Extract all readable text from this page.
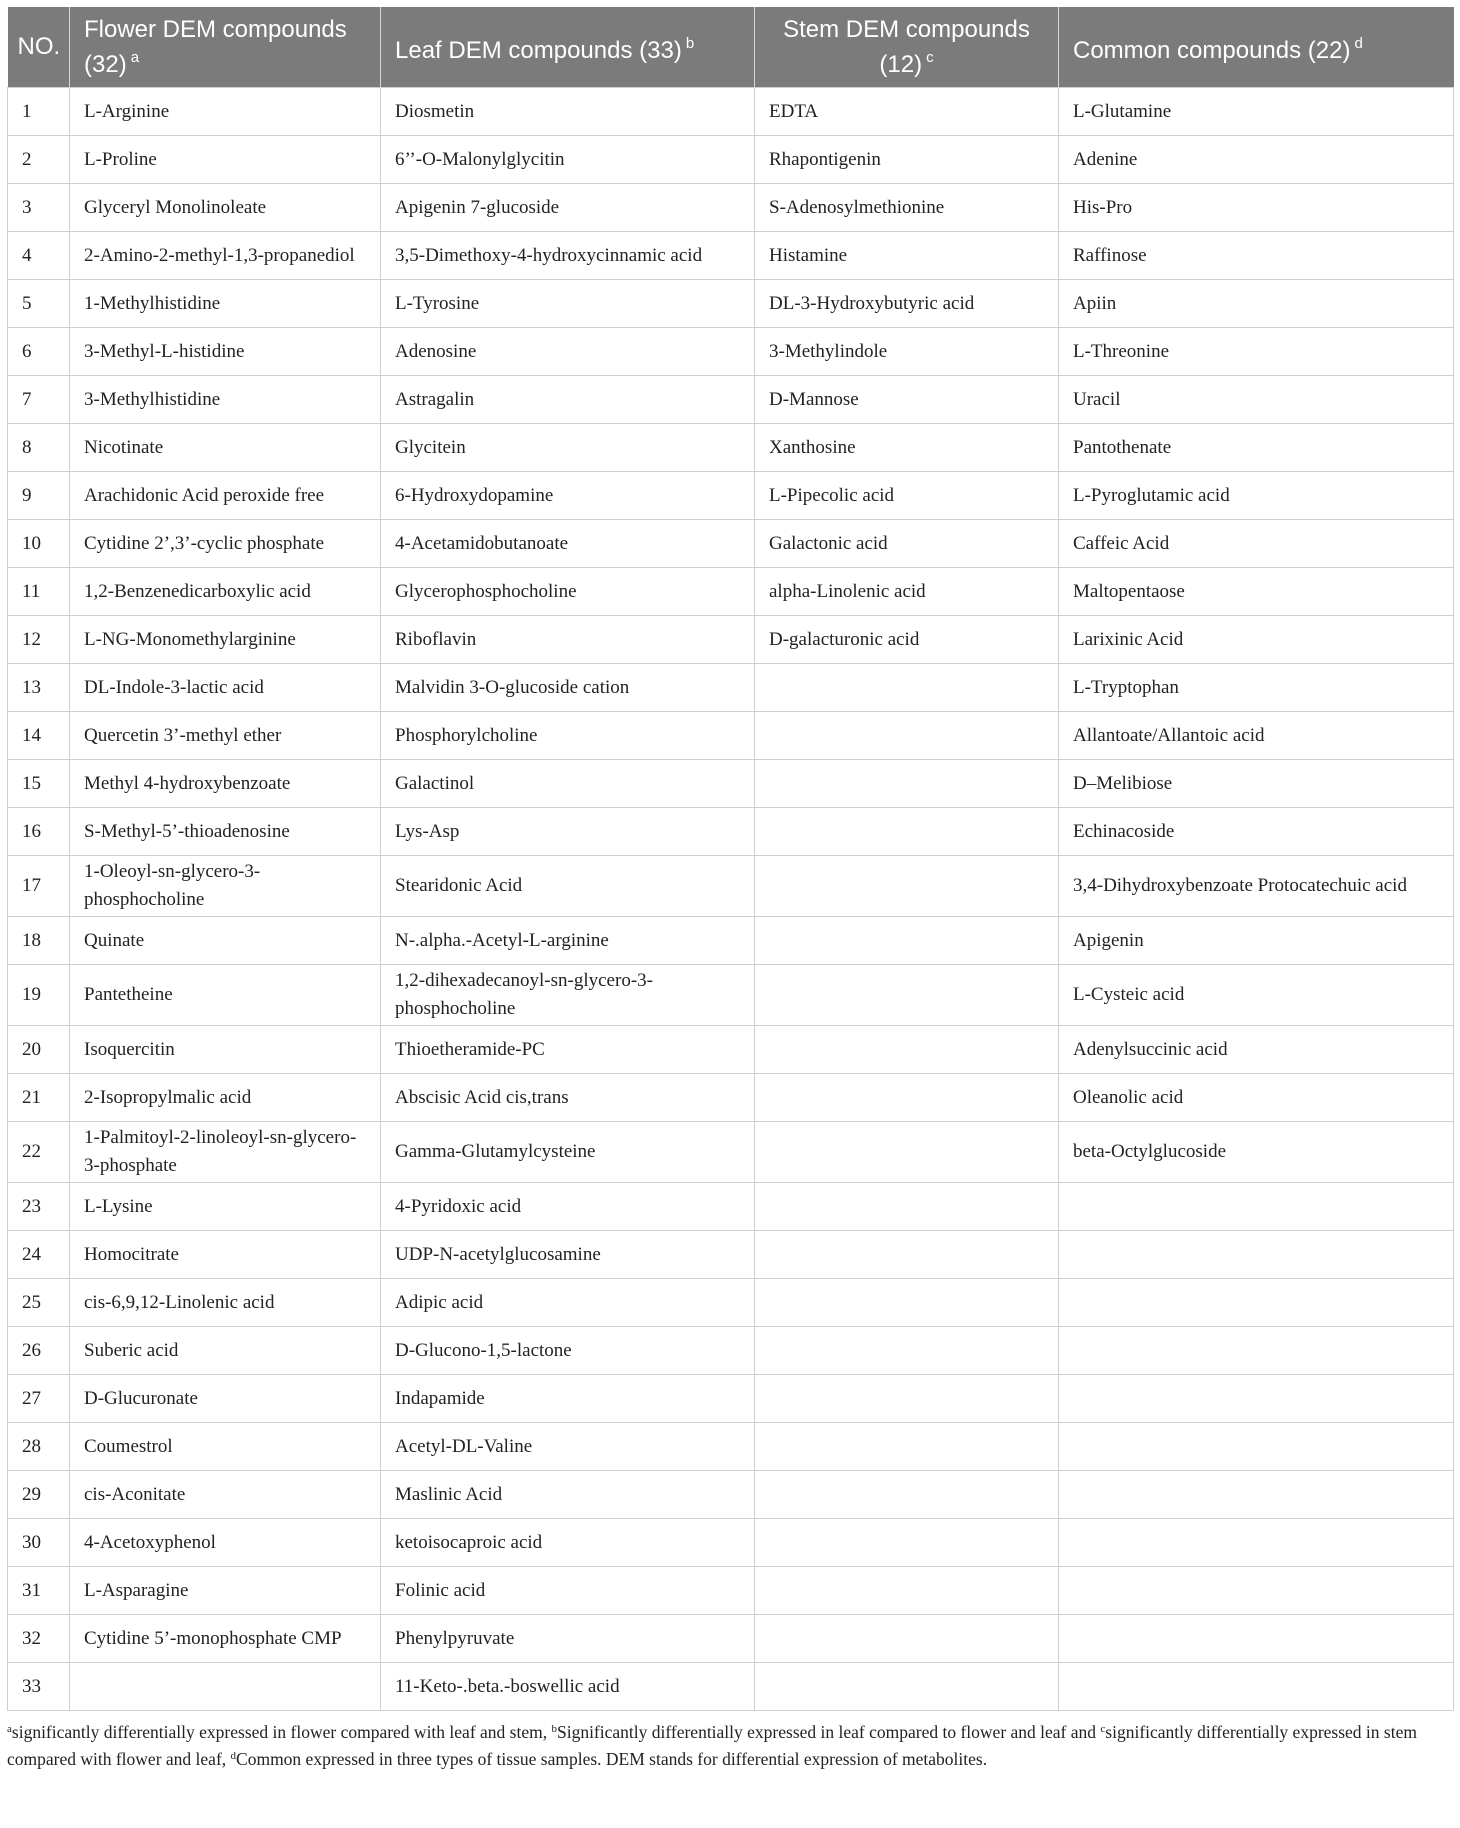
NO.	Flower DEM compounds (32) $^a$	Leaf DEM compounds (33) $^b$	Stem DEM compounds (12) $^c$	Common compounds (22) $^d$
1	L-Arginine	Diosmetin	EDTA	L-Glutamine
2	L-Proline	6’’-O-Malonylglycitin	Rhapontigenin	Adenine
3	Glyceryl Monolinoleate	Apigenin 7-glucoside	S-Adenosylmethionine	His-Pro
4	2-Amino-2-methyl-1,3-propanediol	3,5-Dimethoxy-4-hydroxycinnamic acid	Histamine	Raffinose
5	1-Methylhistidine	L-Tyrosine	DL-3-Hydroxybutyric acid	Apiin
6	3-Methyl-L-histidine	Adenosine	3-Methylindole	L-Threonine
7	3-Methylhistidine	Astragalin	D-Mannose	Uracil
8	Nicotinate	Glycitein	Xanthosine	Pantothenate
9	Arachidonic Acid peroxide free	6-Hydroxydopamine	L-Pipecolic acid	L-Pyroglutamic acid
10	Cytidine 2’,3’-cyclic phosphate	4-Acetamidobutanoate	Galactonic acid	Caffeic Acid
11	1,2-Benzenedicarboxylic acid	Glycerophosphocholine	alpha-Linolenic acid	Maltopentaose
12	L-NG-Monomethylarginine	Riboflavin	D-galacturonic acid	Larixinic Acid
13	DL-Indole-3-lactic acid	Malvidin 3-O-glucoside cation		L-Tryptophan
14	Quercetin 3’-methyl ether	Phosphorylcholine		Allantoate/Allantoic acid
15	Methyl 4-hydroxybenzoate	Galactinol		D–Melibiose
16	S-Methyl-5’-thioadenosine	Lys-Asp		Echinacoside
17	1-Oleoyl-sn-glycero-3-phosphocholine	Stearidonic Acid		3,4-Dihydroxybenzoate Protocatechuic acid
18	Quinate	N-.alpha.-Acetyl-L-arginine		Apigenin
19	Pantetheine	1,2-dihexadecanoyl-sn-glycero-3-phosphocholine		L-Cysteic acid
20	Isoquercitin	Thioetheramide-PC		Adenylsuccinic acid
21	2-Isopropylmalic acid	Abscisic Acid cis,trans		Oleanolic acid
22	1-Palmitoyl-2-linoleoyl-sn-glycero-3-phosphate	Gamma-Glutamylcysteine		beta-Octylglucoside
23	L-Lysine	4-Pyridoxic acid		
24	Homocitrate	UDP-N-acetylglucosamine		
25	cis-6,9,12-Linolenic acid	Adipic acid		
26	Suberic acid	D-Glucono-1,5-lactone		
27	D-Glucuronate	Indapamide		
28	Coumestrol	Acetyl-DL-Valine		
29	cis-Aconitate	Maslinic Acid		
30	4-Acetoxyphenol	ketoisocaproic acid		
31	L-Asparagine	Folinic acid		
32	Cytidine 5’-monophosphate CMP	Phenylpyruvate		
33		11-Keto-.beta.-boswellic acid		
$^a$significantly differentially expressed in flower compared with leaf and stem, $^b$Significantly differentially expressed in leaf compared to flower and leaf and $^c$significantly differentially expressed in stem compared with flower and leaf, $^d$Common expressed in three types of tissue samples. DEM stands for differential expression of metabolites.
